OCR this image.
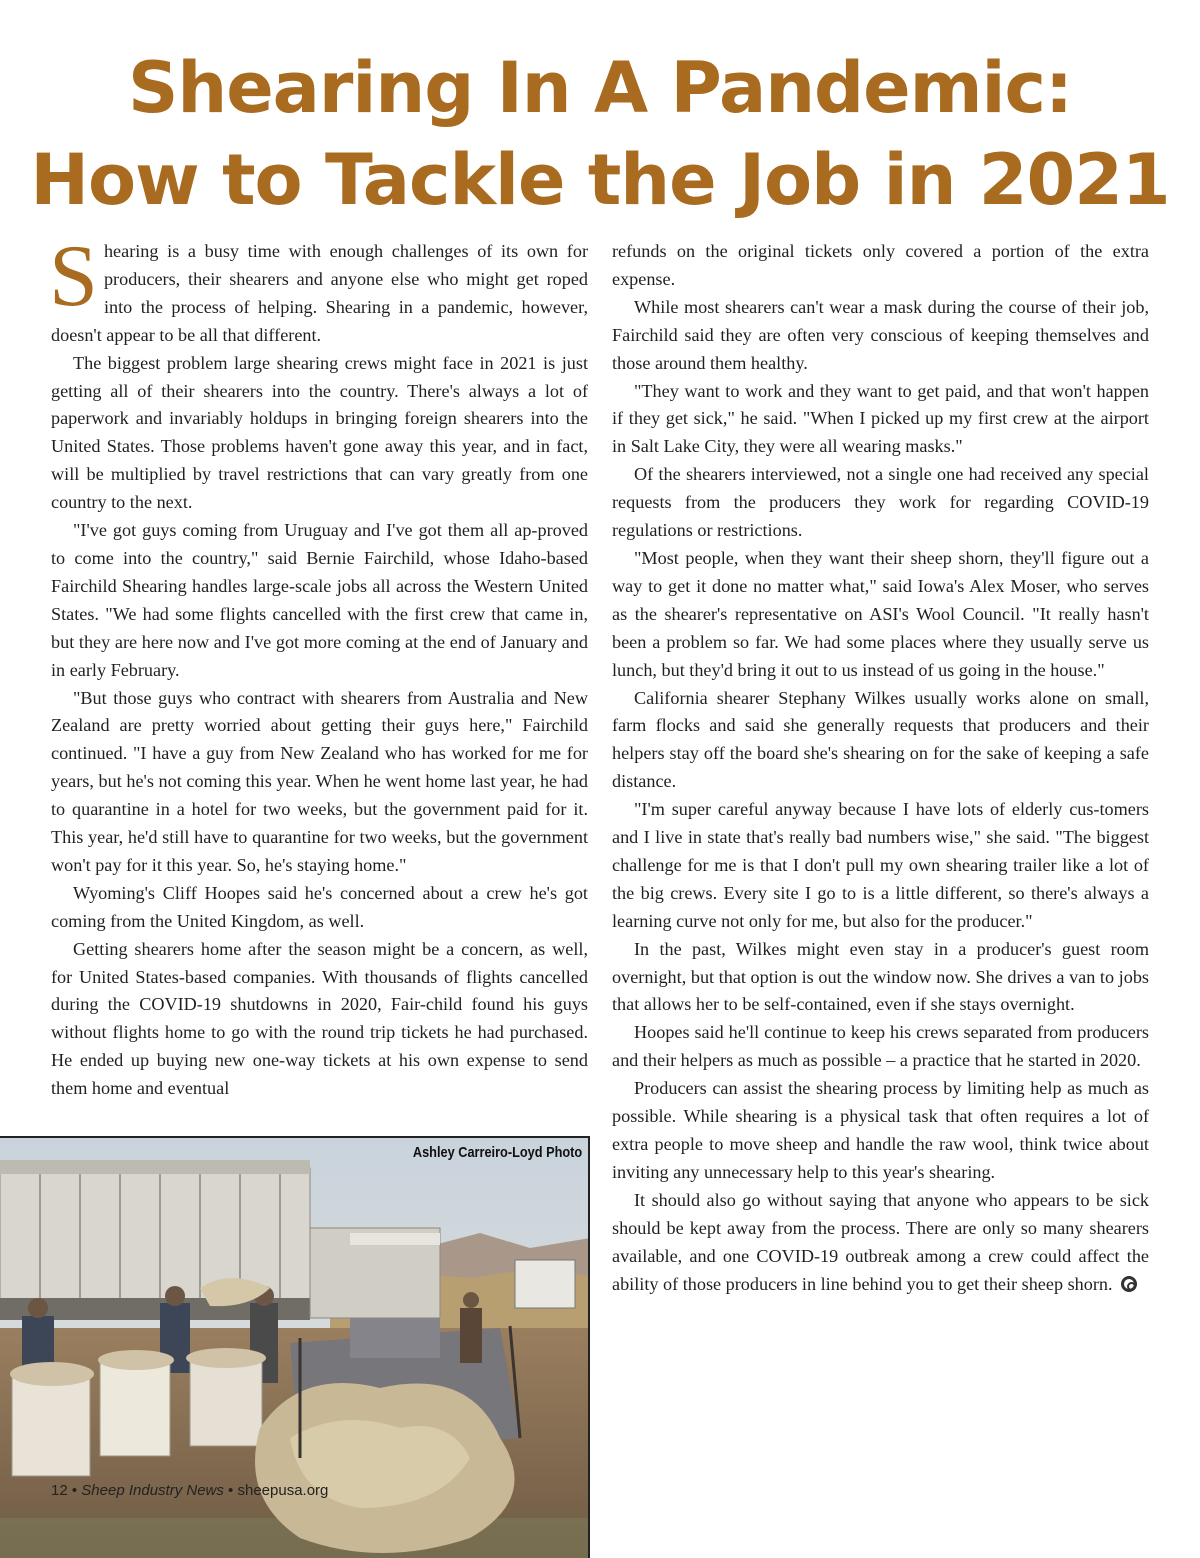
Shearing In A Pandemic:
How to Tackle the Job in 2021

Shearing is a busy time with enough challenges of its own for producers, their shearers and anyone else who might get roped into the process of helping. Shearing in a pandemic, however, doesn't appear to be all that different.

The biggest problem large shearing crews might face in 2021 is just getting all of their shearers into the country. There's always a lot of paperwork and invariably holdups in bringing foreign shearers into the United States. Those problems haven't gone away this year, and in fact, will be multiplied by travel restrictions that can vary greatly from one country to the next.

"I've got guys coming from Uruguay and I've got them all ap-proved to come into the country," said Bernie Fairchild, whose Idaho-based Fairchild Shearing handles large-scale jobs all across the Western United States. "We had some flights cancelled with the first crew that came in, but they are here now and I've got more coming at the end of January and in early February.

"But those guys who contract with shearers from Australia and New Zealand are pretty worried about getting their guys here," Fairchild continued. "I have a guy from New Zealand who has worked for me for years, but he's not coming this year. When he went home last year, he had to quarantine in a hotel for two weeks, but the government paid for it. This year, he'd still have to quarantine for two weeks, but the government won't pay for it this year. So, he's staying home."

Wyoming's Cliff Hoopes said he's concerned about a crew he's got coming from the United Kingdom, as well.

Getting shearers home after the season might be a concern, as well, for United States-based companies. With thousands of flights cancelled during the COVID-19 shutdowns in 2020, Fair-child found his guys without flights home to go with the round trip tickets he had purchased. He ended up buying new one-way tickets at his own expense to send them home and eventual

refunds on the original tickets only covered a portion of the extra expense.

While most shearers can't wear a mask during the course of their job, Fairchild said they are often very conscious of keeping themselves and those around them healthy.

"They want to work and they want to get paid, and that won't happen if they get sick," he said. "When I picked up my first crew at the airport in Salt Lake City, they were all wearing masks."

Of the shearers interviewed, not a single one had received any special requests from the producers they work for regarding COVID-19 regulations or restrictions.

"Most people, when they want their sheep shorn, they'll figure out a way to get it done no matter what," said Iowa's Alex Moser, who serves as the shearer's representative on ASI's Wool Council. "It really hasn't been a problem so far. We had some places where they usually serve us lunch, but they'd bring it out to us instead of us going in the house."

California shearer Stephany Wilkes usually works alone on small, farm flocks and said she generally requests that producers and their helpers stay off the board she's shearing on for the sake of keeping a safe distance.

"I'm super careful anyway because I have lots of elderly cus-tomers and I live in state that's really bad numbers wise," she said. "The biggest challenge for me is that I don't pull my own shearing trailer like a lot of the big crews. Every site I go to is a little different, so there's always a learning curve not only for me, but also for the producer."

In the past, Wilkes might even stay in a producer's guest room overnight, but that option is out the window now. She drives a van to jobs that allows her to be self-contained, even if she stays overnight.

Hoopes said he'll continue to keep his crews separated from producers and their helpers as much as possible – a practice that he started in 2020.

Producers can assist the shearing process by limiting help as much as possible. While shearing is a physical task that often requires a lot of extra people to move sheep and handle the raw wool, think twice about inviting any unnecessary help to this year's shearing.

It should also go without saying that anyone who appears to be sick should be kept away from the process. There are only so many shearers available, and one COVID-19 outbreak among a crew could affect the ability of those producers in line behind you to get their sheep shorn.

Ashley Carreiro-Loyd Photo
12 • Sheep Industry News • sheepusa.org
